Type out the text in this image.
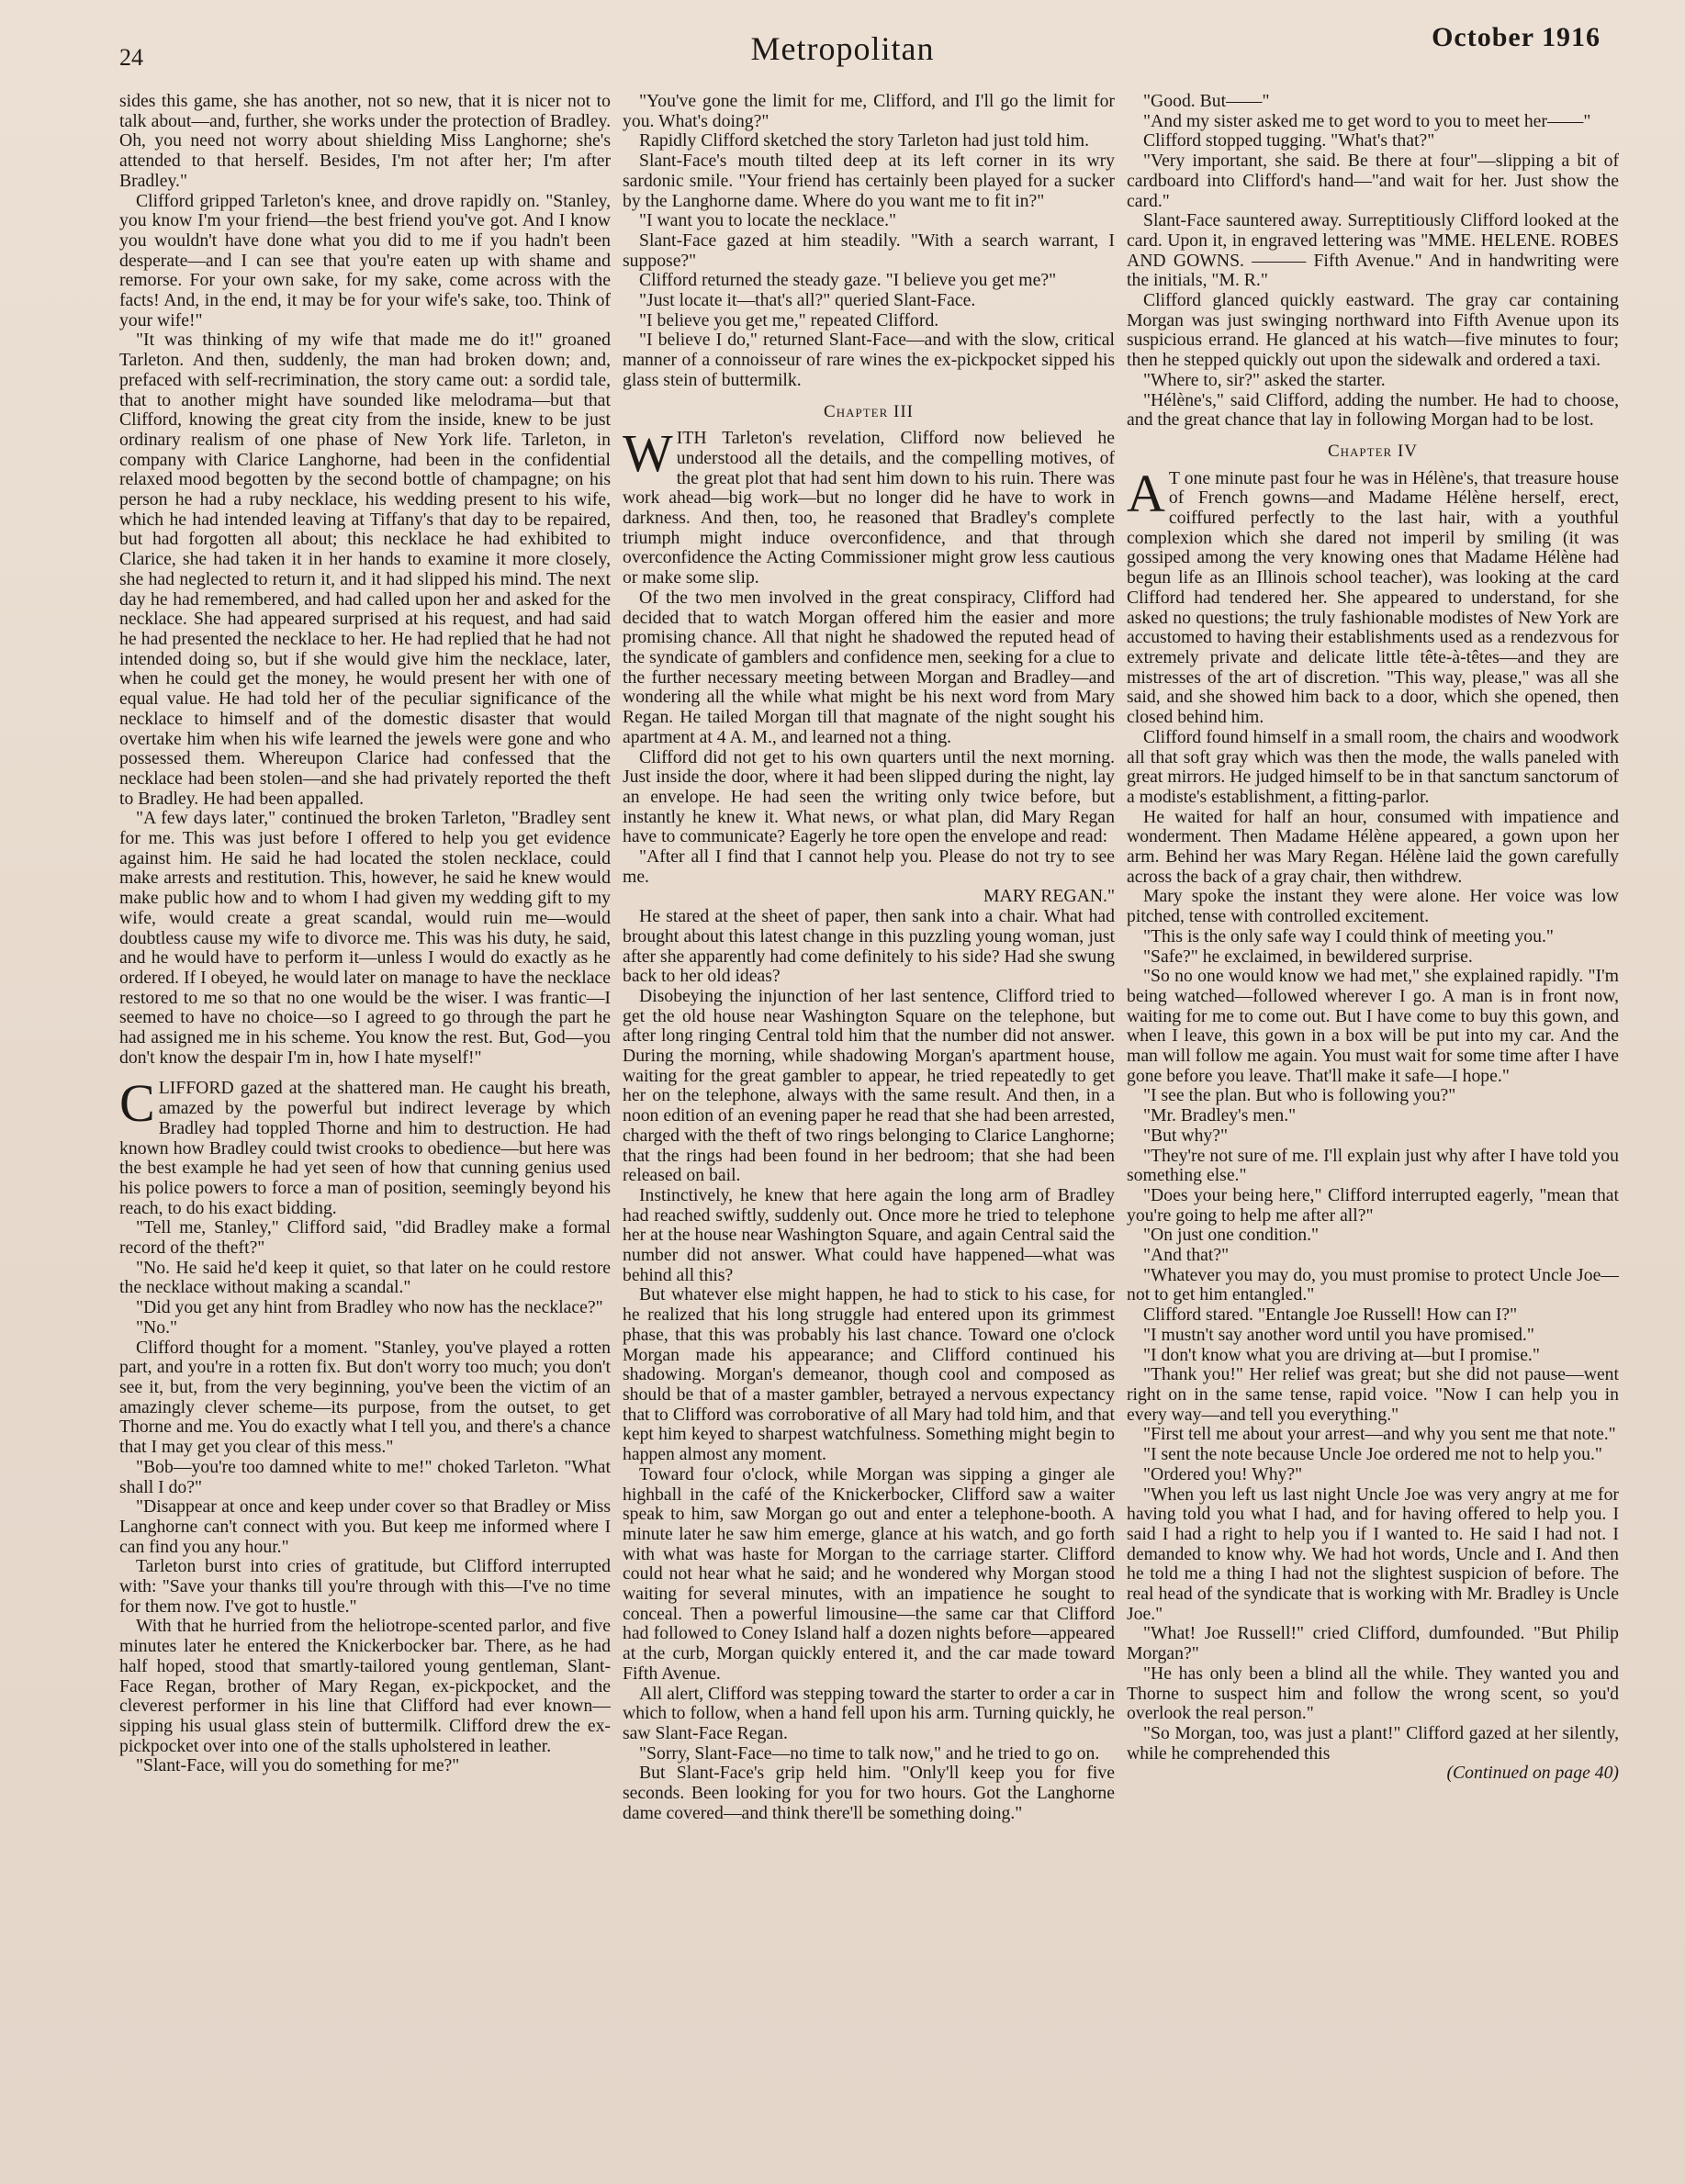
24	Metropolitan	October 1916

sides this game, she has another, not so new, that it is nicer not to talk about—and, further, she works under the protection of Bradley. Oh, you need not worry about shielding Miss Langhorne; she's attended to that herself. Besides, I'm not after her; I'm after Bradley."

Clifford gripped Tarleton's knee, and drove rapidly on. "Stanley, you know I'm your friend—the best friend you've got. And I know you wouldn't have done what you did to me if you hadn't been desperate—and I can see that you're eaten up with shame and remorse. For your own sake, for my sake, come across with the facts! And, in the end, it may be for your wife's sake, too. Think of your wife!"

"It was thinking of my wife that made me do it!" groaned Tarleton. And then, suddenly, the man had broken down; and, prefaced with self-recrimination, the story came out: a sordid tale, that to another might have sounded like melodrama—but that Clifford, knowing the great city from the inside, knew to be just ordinary realism of one phase of New York life. Tarleton, in company with Clarice Langhorne, had been in the confidential relaxed mood begotten by the second bottle of champagne; on his person he had a ruby necklace, his wedding present to his wife, which he had intended leaving at Tiffany's that day to be repaired, but had forgotten all about; this necklace he had exhibited to Clarice, she had taken it in her hands to examine it more closely, she had neglected to return it, and it had slipped his mind. The next day he had remembered, and had called upon her and asked for the necklace. She had appeared surprised at his request, and had said he had presented the necklace to her. He had replied that he had not intended doing so, but if she would give him the necklace, later, when he could get the money, he would present her with one of equal value. He had told her of the peculiar significance of the necklace to himself and of the domestic disaster that would overtake him when his wife learned the jewels were gone and who possessed them. Whereupon Clarice had confessed that the necklace had been stolen—and she had privately reported the theft to Bradley. He had been appalled.

"A few days later," continued the broken Tarleton, "Bradley sent for me. This was just before I offered to help you get evidence against him. He said he had located the stolen necklace, could make arrests and restitution. This, however, he said he knew would make public how and to whom I had given my wedding gift to my wife, would create a great scandal, would ruin me—would doubtless cause my wife to divorce me. This was his duty, he said, and he would have to perform it—unless I would do exactly as he ordered. If I obeyed, he would later on manage to have the necklace restored to me so that no one would be the wiser. I was frantic—I seemed to have no choice—so I agreed to go through the part he had assigned me in his scheme. You know the rest. But, God—you don't know the despair I'm in, how I hate myself!"

CLIFFORD gazed at the shattered man. He caught his breath, amazed by the powerful but indirect leverage by which Bradley had toppled Thorne and him to destruction. He had known how Bradley could twist crooks to obedience—but here was the best example he had yet seen of how that cunning genius used his police powers to force a man of position, seemingly beyond his reach, to do his exact bidding.

"Tell me, Stanley," Clifford said, "did Bradley make a formal record of the theft?"

"No. He said he'd keep it quiet, so that later on he could restore the necklace without making a scandal."

"Did you get any hint from Bradley who now has the necklace?"

"No."

Clifford thought for a moment. "Stanley, you've played a rotten part, and you're in a rotten fix. But don't worry too much; you don't see it, but, from the very beginning, you've been the victim of an amazingly clever scheme—its purpose, from the outset, to get Thorne and me. You do exactly what I tell you, and there's a chance that I may get you clear of this mess."

"Bob—you're too damned white to me!" choked Tarleton. "What shall I do?"

"Disappear at once and keep under cover so that Bradley or Miss Langhorne can't connect with you. But keep me informed where I can find you any hour."

Tarleton burst into cries of gratitude, but Clifford interrupted with: "Save your thanks till you're through with this—I've no time for them now. I've got to hustle."

With that he hurried from the heliotrope-scented parlor, and five minutes later he entered the Knickerbocker bar. There, as he had half hoped, stood that smartly-tailored young gentleman, Slant-Face Regan, brother of Mary Regan, ex-pickpocket, and the cleverest performer in his line that Clifford had ever known—sipping his usual glass stein of buttermilk. Clifford drew the ex-pickpocket over into one of the stalls upholstered in leather.

"Slant-Face, will you do something for me?"

"You've gone the limit for me, Clifford, and I'll go the limit for you. What's doing?"

Rapidly Clifford sketched the story Tarleton had just told him.

Slant-Face's mouth tilted deep at its left corner in its wry sardonic smile. "Your friend has certainly been played for a sucker by the Langhorne dame. Where do you want me to fit in?"

"I want you to locate the necklace."

Slant-Face gazed at him steadily. "With a search warrant, I suppose?"

Clifford returned the steady gaze. "I believe you get me?"

"Just locate it—that's all?" queried Slant-Face.

"I believe you get me," repeated Clifford.

"I believe I do," returned Slant-Face—and with the slow, critical manner of a connoisseur of rare wines the ex-pickpocket sipped his glass stein of buttermilk.

Chapter III

WITH Tarleton's revelation, Clifford now believed he understood all the details, and the compelling motives, of the great plot that had sent him down to his ruin. There was work ahead—big work—but no longer did he have to work in darkness. And then, too, he reasoned that Bradley's complete triumph might induce overconfidence, and that through overconfidence the Acting Commissioner might grow less cautious or make some slip.

Of the two men involved in the great conspiracy, Clifford had decided that to watch Morgan offered him the easier and more promising chance. All that night he shadowed the reputed head of the syndicate of gamblers and confidence men, seeking for a clue to the further necessary meeting between Morgan and Bradley—and wondering all the while what might be his next word from Mary Regan. He tailed Morgan till that magnate of the night sought his apartment at 4 A. M., and learned not a thing.

Clifford did not get to his own quarters until the next morning. Just inside the door, where it had been slipped during the night, lay an envelope. He had seen the writing only twice before, but instantly he knew it. What news, or what plan, did Mary Regan have to communicate? Eagerly he tore open the envelope and read:

"After all I find that I cannot help you. Please do not try to see me.

MARY REGAN."

He stared at the sheet of paper, then sank into a chair. What had brought about this latest change in this puzzling young woman, just after she apparently had come definitely to his side? Had she swung back to her old ideas?

Disobeying the injunction of her last sentence, Clifford tried to get the old house near Washington Square on the telephone, but after long ringing Central told him that the number did not answer. During the morning, while shadowing Morgan's apartment house, waiting for the great gambler to appear, he tried repeatedly to get her on the telephone, always with the same result. And then, in a noon edition of an evening paper he read that she had been arrested, charged with the theft of two rings belonging to Clarice Langhorne; that the rings had been found in her bedroom; that she had been released on bail.

Instinctively, he knew that here again the long arm of Bradley had reached swiftly, suddenly out. Once more he tried to telephone her at the house near Washington Square, and again Central said the number did not answer. What could have happened—what was behind all this?

But whatever else might happen, he had to stick to his case, for he realized that his long struggle had entered upon its grimmest phase, that this was probably his last chance. Toward one o'clock Morgan made his appearance; and Clifford continued his shadowing. Morgan's demeanor, though cool and composed as should be that of a master gambler, betrayed a nervous expectancy that to Clifford was corroborative of all Mary had told him, and that kept him keyed to sharpest watchfulness. Something might begin to happen almost any moment.

Toward four o'clock, while Morgan was sipping a ginger ale highball in the café of the Knickerbocker, Clifford saw a waiter speak to him, saw Morgan go out and enter a telephone-booth. A minute later he saw him emerge, glance at his watch, and go forth with what was haste for Morgan to the carriage starter. Clifford could not hear what he said; and he wondered why Morgan stood waiting for several minutes, with an impatience he sought to conceal. Then a powerful limousine—the same car that Clifford had followed to Coney Island half a dozen nights before—appeared at the curb, Morgan quickly entered it, and the car made toward Fifth Avenue.

All alert, Clifford was stepping toward the starter to order a car in which to follow, when a hand fell upon his arm. Turning quickly, he saw Slant-Face Regan.

"Sorry, Slant-Face—no time to talk now," and he tried to go on.

But Slant-Face's grip held him. "Only'll keep you for five seconds. Been looking for you for two hours. Got the Langhorne dame covered—and think there'll be something doing."

"Good. But——"

"And my sister asked me to get word to you to meet her——"

Clifford stopped tugging. "What's that?"

"Very important, she said. Be there at four"—slipping a bit of cardboard into Clifford's hand—"and wait for her. Just show the card."

Slant-Face sauntered away. Surreptitiously Clifford looked at the card. Upon it, in engraved lettering was "MME. HELENE. ROBES AND GOWNS. ——— Fifth Avenue." And in handwriting were the initials, "M. R."

Clifford glanced quickly eastward. The gray car containing Morgan was just swinging northward into Fifth Avenue upon its suspicious errand. He glanced at his watch—five minutes to four; then he stepped quickly out upon the sidewalk and ordered a taxi.

"Where to, sir?" asked the starter.

"Hélène's," said Clifford, adding the number. He had to choose, and the great chance that lay in following Morgan had to be lost.

Chapter IV

A T one minute past four he was in Hélène's, that treasure house of French gowns—and Madame Hélène herself, erect, coiffured perfectly to the last hair, with a youthful complexion which she dared not imperil by smiling (it was gossiped among the very knowing ones that Madame Hélène had begun life as an Illinois school teacher), was looking at the card Clifford had tendered her. She appeared to understand, for she asked no questions; the truly fashionable modistes of New York are accustomed to having their establishments used as a rendezvous for extremely private and delicate little tête-à-têtes—and they are mistresses of the art of discretion. "This way, please," was all she said, and she showed him back to a door, which she opened, then closed behind him.

Clifford found himself in a small room, the chairs and woodwork all that soft gray which was then the mode, the walls paneled with great mirrors. He judged himself to be in that sanctum sanctorum of a modiste's establishment, a fitting-parlor.

He waited for half an hour, consumed with impatience and wonderment. Then Madame Hélène appeared, a gown upon her arm. Behind her was Mary Regan. Hélène laid the gown carefully across the back of a gray chair, then withdrew.

Mary spoke the instant they were alone. Her voice was low pitched, tense with controlled excitement.

"This is the only safe way I could think of meeting you."

"Safe?" he exclaimed, in bewildered surprise.

"So no one would know we had met," she explained rapidly. "I'm being watched—followed wherever I go. A man is in front now, waiting for me to come out. But I have come to buy this gown, and when I leave, this gown in a box will be put into my car. And the man will follow me again. You must wait for some time after I have gone before you leave. That'll make it safe—I hope."

"I see the plan. But who is following you?"

"Mr. Bradley's men."

"But why?"

"They're not sure of me. I'll explain just why after I have told you something else."

"Does your being here," Clifford interrupted eagerly, "mean that you're going to help me after all?"

"On just one condition."

"And that?"

"Whatever you may do, you must promise to protect Uncle Joe—not to get him entangled."

Clifford stared. "Entangle Joe Russell! How can I?"

"I mustn't say another word until you have promised."

"I don't know what you are driving at—but I promise."

"Thank you!" Her relief was great; but she did not pause—went right on in the same tense, rapid voice. "Now I can help you in every way—and tell you everything."

"First tell me about your arrest—and why you sent me that note."

"I sent the note because Uncle Joe ordered me not to help you."

"Ordered you! Why?"

"When you left us last night Uncle Joe was very angry at me for having told you what I had, and for having offered to help you. I said I had a right to help you if I wanted to. He said I had not. I demanded to know why. We had hot words, Uncle and I. And then he told me a thing I had not the slightest suspicion of before. The real head of the syndicate that is working with Mr. Bradley is Uncle Joe."

"What! Joe Russell!" cried Clifford, dumfounded. "But Philip Morgan?"

"He has only been a blind all the while. They wanted you and Thorne to suspect him and follow the wrong scent, so you'd overlook the real person."

"So Morgan, too, was just a plant!" Clifford gazed at her silently, while he comprehended this

(Continued on page 40)
